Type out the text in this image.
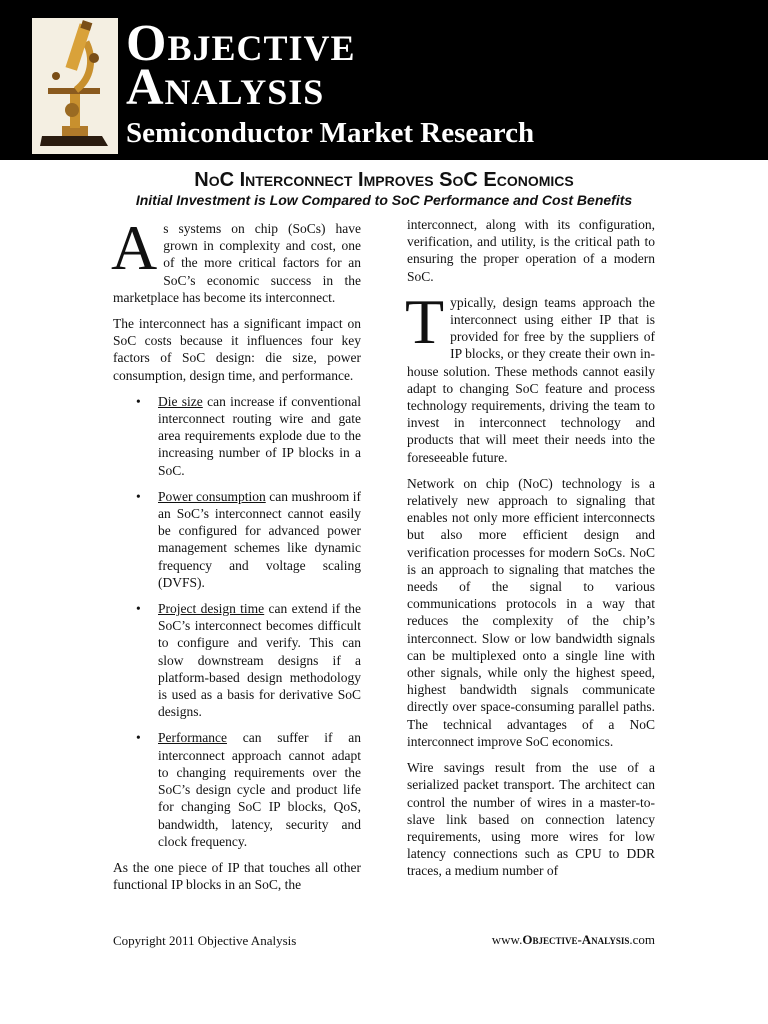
Objective
Analysis
Semiconductor Market Research
NoC Interconnect Improves SoC Economics
Initial Investment is Low Compared to SoC Performance and Cost Benefits

As systems on chip (SoCs) have grown in complexity and cost, one of the more critical factors for an SoC’s economic success in the marketplace has become its interconnect.

The interconnect has a significant impact on SoC costs because it influences four key factors of SoC design: die size, power consumption, design time, and performance.

• Die size can increase if conventional interconnect routing wire and gate area requirements explode due to the increasing number of IP blocks in a SoC.
• Power consumption can mushroom if an SoC’s interconnect cannot easily be configured for advanced power management schemes like dynamic frequency and voltage scaling (DVFS).
• Project design time can extend if the SoC’s interconnect becomes difficult to configure and verify. This can slow downstream designs if a platform-based design methodology is used as a basis for derivative SoC designs.
• Performance can suffer if an interconnect approach cannot adapt to changing requirements over the SoC’s design cycle and product life for changing SoC IP blocks, QoS, bandwidth, latency, security and clock frequency.

As the one piece of IP that touches all other functional IP blocks in an SoC, the

interconnect, along with its configuration, verification, and utility, is the critical path to ensuring the proper operation of a modern SoC.

Typically, design teams approach the interconnect using either IP that is provided for free by the suppliers of IP blocks, or they create their own in-house solution. These methods cannot easily adapt to changing SoC feature and process technology requirements, driving the team to invest in interconnect technology and products that will meet their needs into the foreseeable future.

Network on chip (NoC) technology is a relatively new approach to signaling that enables not only more efficient interconnects but also more efficient design and verification processes for modern SoCs. NoC is an approach to signaling that matches the needs of the signal to various communications protocols in a way that reduces the complexity of the chip’s interconnect. Slow or low bandwidth signals can be multiplexed onto a single line with other signals, while only the highest speed, highest bandwidth signals communicate directly over space-consuming parallel paths. The technical advantages of a NoC interconnect improve SoC economics.

Wire savings result from the use of a serialized packet transport. The architect can control the number of wires in a master-to-slave link based on connection latency requirements, using more wires for low latency connections such as CPU to DDR traces, a medium number of

Copyright 2011 Objective Analysis	www.Objective-Analysis.com
